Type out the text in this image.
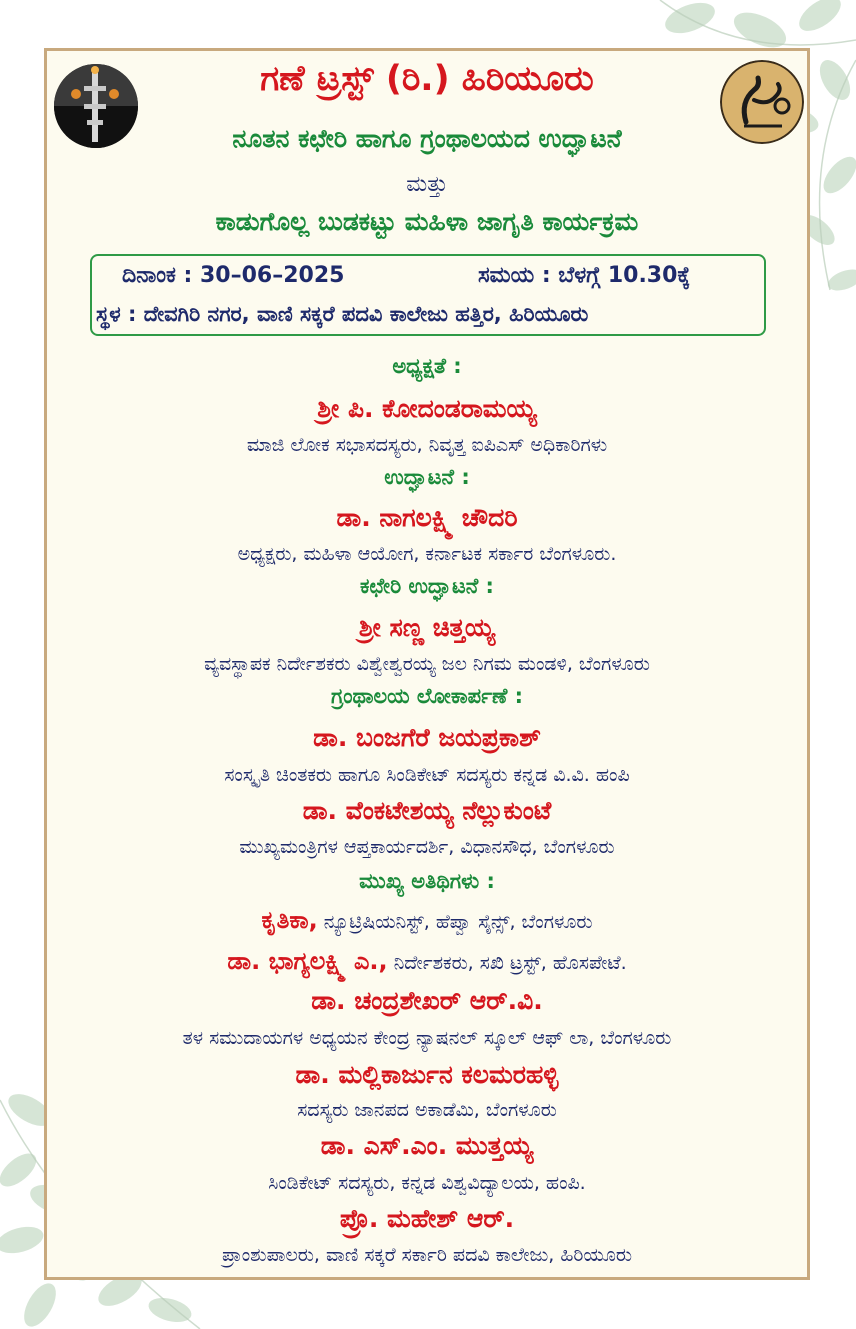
ಗಣೆ ಟ್ರಸ್ಟ್ (ರಿ.) ಹಿರಿಯೂರು

ನೂತನ ಕಛೇರಿ ಹಾಗೂ ಗ್ರಂಥಾಲಯದ ಉದ್ಘಾಟನೆ

ಮತ್ತು

ಕಾಡುಗೊಲ್ಲ ಬುಡಕಟ್ಟು ಮಹಿಳಾ ಜಾಗೃತಿ ಕಾರ್ಯಕ್ರಮ

ದಿನಾಂಕ : 30–06–2025	ಸಮಯ : ಬೆಳಗ್ಗೆ 10.30ಕ್ಕೆ
ಸ್ಥಳ : ದೇವಗಿರಿ ನಗರ, ವಾಣಿ ಸಕ್ಕರೆ ಪದವಿ ಕಾಲೇಜು ಹತ್ತಿರ, ಹಿರಿಯೂರು

ಅಧ್ಯಕ್ಷತೆ :

ಶ್ರೀ ಪಿ. ಕೋದಂಡರಾಮಯ್ಯ

ಮಾಜಿ ಲೋಕ ಸಭಾಸದಸ್ಯರು, ನಿವೃತ್ತ ಐಪಿಎಸ್ ಅಧಿಕಾರಿಗಳು

ಉದ್ಘಾಟನೆ :

ಡಾ. ನಾಗಲಕ್ಷ್ಮಿ ಚೌದರಿ

ಅಧ್ಯಕ್ಷರು, ಮಹಿಳಾ ಆಯೋಗ, ಕರ್ನಾಟಕ ಸರ್ಕಾರ ಬೆಂಗಳೂರು.

ಕಛೇರಿ ಉದ್ಘಾಟನೆ :

ಶ್ರೀ ಸಣ್ಣ ಚಿತ್ತಯ್ಯ

ವ್ಯವಸ್ಥಾಪಕ ನಿರ್ದೇಶಕರು ವಿಶ್ವೇಶ್ವರಯ್ಯ ಜಲ ನಿಗಮ ಮಂಡಳಿ, ಬೆಂಗಳೂರು

ಗ್ರಂಥಾಲಯ ಲೋಕಾರ್ಪಣೆ :

ಡಾ. ಬಂಜಗೆರೆ ಜಯಪ್ರಕಾಶ್

ಸಂಸ್ಕೃತಿ ಚಿಂತಕರು ಹಾಗೂ ಸಿಂಡಿಕೇಟ್ ಸದಸ್ಯರು ಕನ್ನಡ ವಿ.ವಿ. ಹಂಪಿ

ಡಾ. ವೆಂಕಟೇಶಯ್ಯ ನೆಲ್ಲುಕುಂಟೆ

ಮುಖ್ಯಮಂತ್ರಿಗಳ ಆಪ್ತಕಾರ್ಯದರ್ಶಿ, ವಿಧಾನಸೌಧ, ಬೆಂಗಳೂರು

ಮುಖ್ಯ ಅತಿಥಿಗಳು :

ಕೃತಿಕಾ, ನ್ಯೂಟ್ರಿಷಿಯನಿಸ್ಟ್, ಹೆಪ್ವಾ ಸೈನ್ಸ್, ಬೆಂಗಳೂರು

ಡಾ. ಭಾಗ್ಯಲಕ್ಷ್ಮಿ ಎ., ನಿರ್ದೇಶಕರು, ಸಖಿ ಟ್ರಸ್ಟ್, ಹೊಸಪೇಟೆ.

ಡಾ. ಚಂದ್ರಶೇಖರ್ ಆರ್.ವಿ.

ತಳ ಸಮುದಾಯಗಳ ಅಧ್ಯಯನ ಕೇಂದ್ರ ನ್ಯಾಷನಲ್ ಸ್ಕೂಲ್ ಆಫ್ ಲಾ, ಬೆಂಗಳೂರು

ಡಾ. ಮಲ್ಲಿಕಾರ್ಜುನ ಕಲಮರಹಳ್ಳಿ

ಸದಸ್ಯರು ಜಾನಪದ ಅಕಾಡೆಮಿ, ಬೆಂಗಳೂರು

ಡಾ. ಎಸ್.ಎಂ. ಮುತ್ತಯ್ಯ

ಸಿಂಡಿಕೇಟ್ ಸದಸ್ಯರು, ಕನ್ನಡ ವಿಶ್ವವಿದ್ಯಾಲಯ, ಹಂಪಿ.

ಪ್ರೊ. ಮಹೇಶ್ ಆರ್.

ಪ್ರಾಂಶುಪಾಲರು, ವಾಣಿ ಸಕ್ಕರೆ ಸರ್ಕಾರಿ ಪದವಿ ಕಾಲೇಜು, ಹಿರಿಯೂರು
